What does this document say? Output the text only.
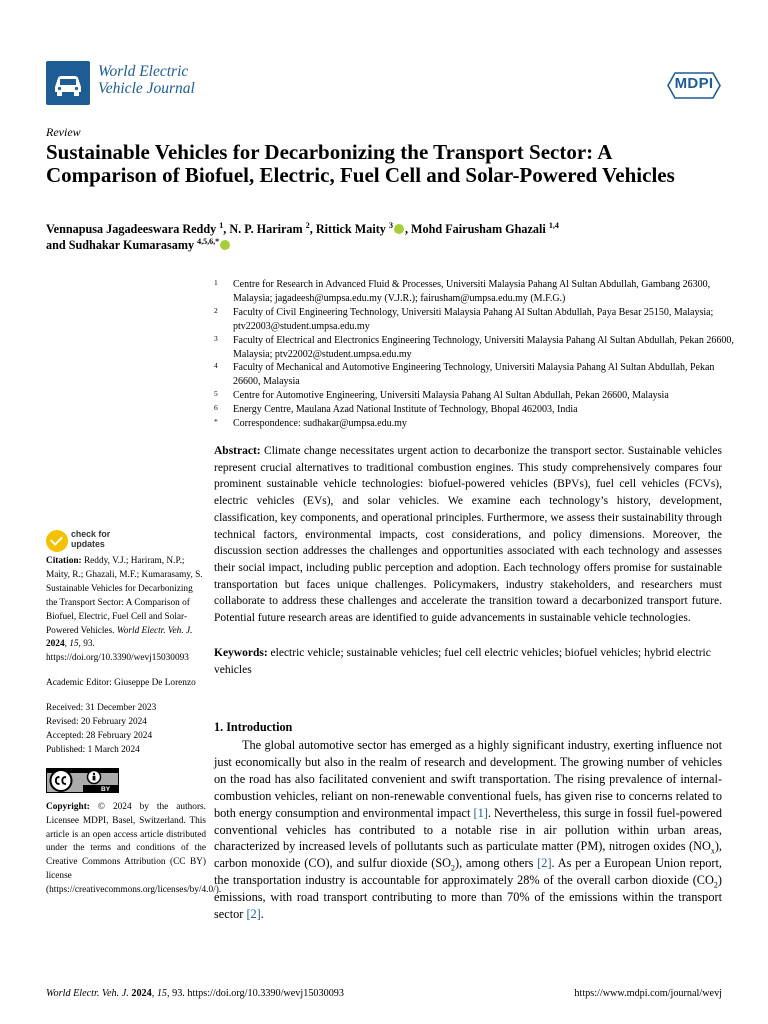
World Electric
Vehicle Journal	MDPI
Review
Sustainable Vehicles for Decarbonizing the Transport Sector: A Comparison of Biofuel, Electric, Fuel Cell and Solar-Powered Vehicles
Vennapusa Jagadeeswara Reddy $^1$, N. P. Hariram $^2$, Rittick Maity $^3$ , Mohd Fairusham Ghazali $^{1,4}$
and Sudhakar Kumarasamy $^{4,5,6,*}$
1 Centre for Research in Advanced Fluid & Processes, Universiti Malaysia Pahang Al Sultan Abdullah, Gambang 26300, Malaysia; jagadeesh@umpsa.edu.my (V.J.R.); fairusham@umpsa.edu.my (M.F.G.)
2 Faculty of Civil Engineering Technology, Universiti Malaysia Pahang Al Sultan Abdullah, Paya Besar 25150, Malaysia; ptv22003@student.umpsa.edu.my
3 Faculty of Electrical and Electronics Engineering Technology, Universiti Malaysia Pahang Al Sultan Abdullah, Pekan 26600, Malaysia; ptv22002@student.umpsa.edu.my
4 Faculty of Mechanical and Automotive Engineering Technology, Universiti Malaysia Pahang Al Sultan Abdullah, Pekan 26600, Malaysia
5 Centre for Automotive Engineering, Universiti Malaysia Pahang Al Sultan Abdullah, Pekan 26600, Malaysia
6 Energy Centre, Maulana Azad National Institute of Technology, Bhopal 462003, India
* Correspondence: sudhakar@umpsa.edu.my
Abstract: Climate change necessitates urgent action to decarbonize the transport sector. Sustainable vehicles represent crucial alternatives to traditional combustion engines. This study comprehensively compares four prominent sustainable vehicle technologies: biofuel-powered vehicles (BPVs), fuel cell vehicles (FCVs), electric vehicles (EVs), and solar vehicles. We examine each technology’s history, development, classification, key components, and operational principles. Furthermore, we assess their sustainability through technical factors, environmental impacts, cost considerations, and policy dimensions. Moreover, the discussion section addresses the challenges and opportunities associated with each technology and assesses their social impact, including public perception and adoption. Each technology offers promise for sustainable transportation but faces unique challenges. Policymakers, industry stakeholders, and researchers must collaborate to address these challenges and accelerate the transition toward a decarbonized transport future. Potential future research areas are identified to guide advancements in sustainable vehicle technologies.
Keywords: electric vehicle; sustainable vehicles; fuel cell electric vehicles; biofuel vehicles; hybrid electric vehicles
check for
updates

Citation: Reddy, V.J.; Hariram, N.P.; Maity, R.; Ghazali, M.F.; Kumarasamy, S. Sustainable Vehicles for Decarbonizing the Transport Sector: A Comparison of Biofuel, Electric, Fuel Cell and Solar-Powered Vehicles. World Electr. Veh. J. 2024, 15, 93. https://doi.org/10.3390/wevj15030093

Academic Editor: Giuseppe De Lorenzo

Received: 31 December 2023
Revised: 20 February 2024
Accepted: 28 February 2024
Published: 1 March 2024

BY

Copyright: © 2024 by the authors. Licensee MDPI, Basel, Switzerland. This article is an open access article distributed under the terms and conditions of the Creative Commons Attribution (CC BY) license (https://creativecommons.org/licenses/by/4.0/).

1. Introduction

The global automotive sector has emerged as a highly significant industry, exerting influence not just economically but also in the realm of research and development. The growing number of vehicles on the road has also facilitated convenient and swift transportation. The rising prevalence of internal-combustion vehicles, reliant on non-renewable conventional fuels, has given rise to concerns related to both energy consumption and environmental impact [1]. Nevertheless, this surge in fossil fuel-powered conventional vehicles has contributed to a notable rise in air pollution within urban areas, characterized by increased levels of pollutants such as particulate matter (PM), nitrogen oxides $(NO_x)$, carbon monoxide (CO), and sulfur dioxide $(SO_2)$, among others [2]. As per a European Union report, the transportation industry is accountable for approximately 28% of the overall carbon dioxide $(CO_2)$ emissions, with road transport contributing to more than 70% of the emissions within the transport sector [2].

World Electr. Veh. J. 2024, 15, 93. https://doi.org/10.3390/wevj15030093	https://www.mdpi.com/journal/wevj
